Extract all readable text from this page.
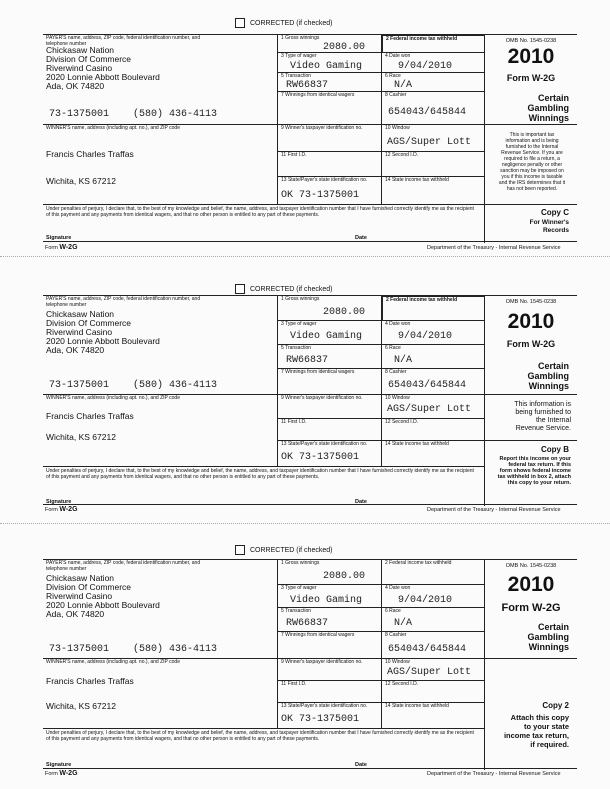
CORRECTED (if checked)
PAYER'S name, address, ZIP code, federal identification number, and telephone number
Chickasaw Nation
Division Of Commerce
Riverwind Casino
2020 Lonnie Abbott Boulevard
Ada, OK 74820
73-1375001 (580) 436-4113
WINNER'S name, address (including apt. no.), and ZIP code
Francis Charles Traffas
Wichita, KS 67212
1 Gross winnings
2080.00
2 Federal income tax withheld
3 Type of wager
Video Gaming
4 Date won
9/04/2010
5 Transaction
RW66837
6 Race
N/A
7 Winnings from identical wagers	8 Cashier
654043/645844
9 Winner's taxpayer identification no.	10 Window
AGS/Super Lott
11 First I.D.	12 Second I.D.
13 State/Payer's state identification no.
OK 73-1375001
14 State income tax withheld
OMB No. 1545-0238
2010
Form W-2G
Certain
Gambling
Winnings
This is important tax
information and is being
furnished to the Internal
Revenue Service. If you are
required to file a return, a
negligence penalty or other
sanction may be imposed on
you if this income is taxable
and the IRS determines that it
has not been reported.
Under penalties of perjury, I declare that, to the best of my knowledge and belief, the name, address, and taxpayer identification number that I have furnished correctly identify me as the recipient of this payment and any payments from identical wagers, and that no other person is entitled to any part of these payments.
Signature	Date
Copy C
For Winner's
Records
Form W-2G	Department of the Treasury - Internal Revenue Service
CORRECTED (if checked)
PAYER'S name, address, ZIP code, federal identification number, and telephone number
Chickasaw Nation
Division Of Commerce
Riverwind Casino
2020 Lonnie Abbott Boulevard
Ada, OK 74820
73-1375001 (580) 436-4113
WINNER'S name, address (including apt. no.), and ZIP code
Francis Charles Traffas
Wichita, KS 67212
1 Gross winnings
2080.00
2 Federal income tax withheld
3 Type of wager
Video Gaming
4 Date won
9/04/2010
5 Transaction
RW66837
6 Race
N/A
7 Winnings from identical wagers	8 Cashier
654043/645844
9 Winner's taxpayer identification no.	10 Window
AGS/Super Lott
11 First I.D.	12 Second I.D.
13 State/Payer's state identification no.
OK 73-1375001
14 State income tax withheld
OMB No. 1545-0238
2010
Form W-2G
Certain
Gambling
Winnings
This information is
being furnished to
the Internal
Revenue Service.
Under penalties of perjury, I declare that, to the best of my knowledge and belief, the name, address, and taxpayer identification number that I have furnished correctly identify me as the recipient of this payment and any payments from identical wagers, and that no other person is entitled to any part of these payments.
Signature	Date
Copy B
Report this income on your
federal tax return. If this
form shows federal income
tax withheld in box 2, attach
this copy to your return.
Form W-2G	Department of the Treasury - Internal Revenue Service
CORRECTED (if checked)
PAYER'S name, address, ZIP code, federal identification number, and telephone number
Chickasaw Nation
Division Of Commerce
Riverwind Casino
2020 Lonnie Abbott Boulevard
Ada, OK 74820
73-1375001 (580) 436-4113
WINNER'S name, address (including apt. no.), and ZIP code
Francis Charles Traffas
Wichita, KS 67212
1 Gross winnings
2080.00
2 Federal income tax withheld
3 Type of wager
Video Gaming
4 Date won
9/04/2010
5 Transaction
RW66837
6 Race
N/A
7 Winnings from identical wagers	8 Cashier
654043/645844
9 Winner's taxpayer identification no.	10 Window
AGS/Super Lott
11 First I.D.	12 Second I.D.
13 State/Payer's state identification no.
OK 73-1375001
14 State income tax withheld
OMB No. 1545-0238
2010
Form W-2G
Certain
Gambling
Winnings
Copy 2
Attach this copy
to your state
income tax return,
if required.
Under penalties of perjury, I declare that, to the best of my knowledge and belief, the name, address, and taxpayer identification number that I have furnished correctly identify me as the recipient of this payment and any payments from identical wagers, and that no other person is entitled to any part of these payments.
Signature	Date
Form W-2G	Department of the Treasury - Internal Revenue Service
